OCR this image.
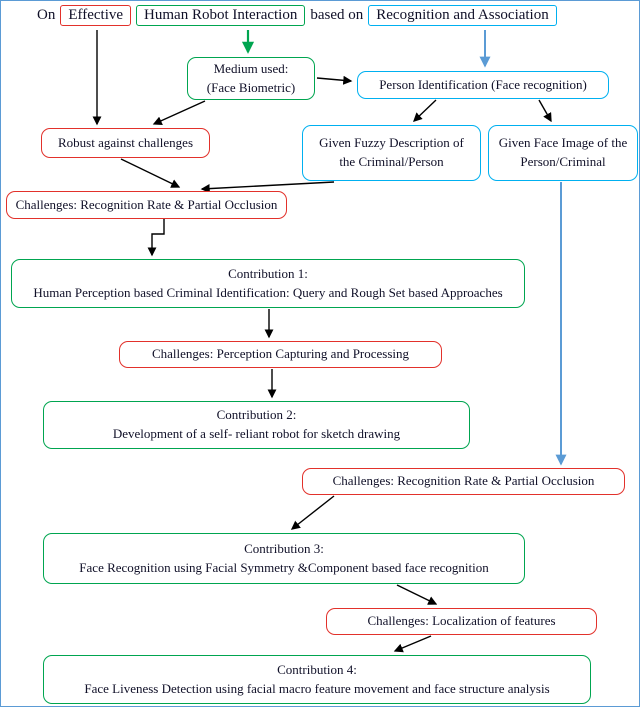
On Effective	Human Robot Interaction based on Recognition and Association
Medium used:
(Face Biometric)	Person Identification (Face recognition)
Robust against challenges	Given Fuzzy Description of
the Criminal/Person
Given Face Image of the
Person/Criminal
Challenges: Recognition Rate & Partial Occlusion
Contribution 1:
Human Perception based Criminal Identification: Query and Rough Set based Approaches
Challenges: Perception Capturing and Processing
Contribution 2:
Development of a self- reliant robot for sketch drawing
Challenges: Recognition Rate & Partial Occlusion
Contribution 3:
Face Recognition using Facial Symmetry &Component based face recognition
Challenges: Localization of features
Contribution 4:
Face Liveness Detection using facial macro feature movement and face structure analysis
